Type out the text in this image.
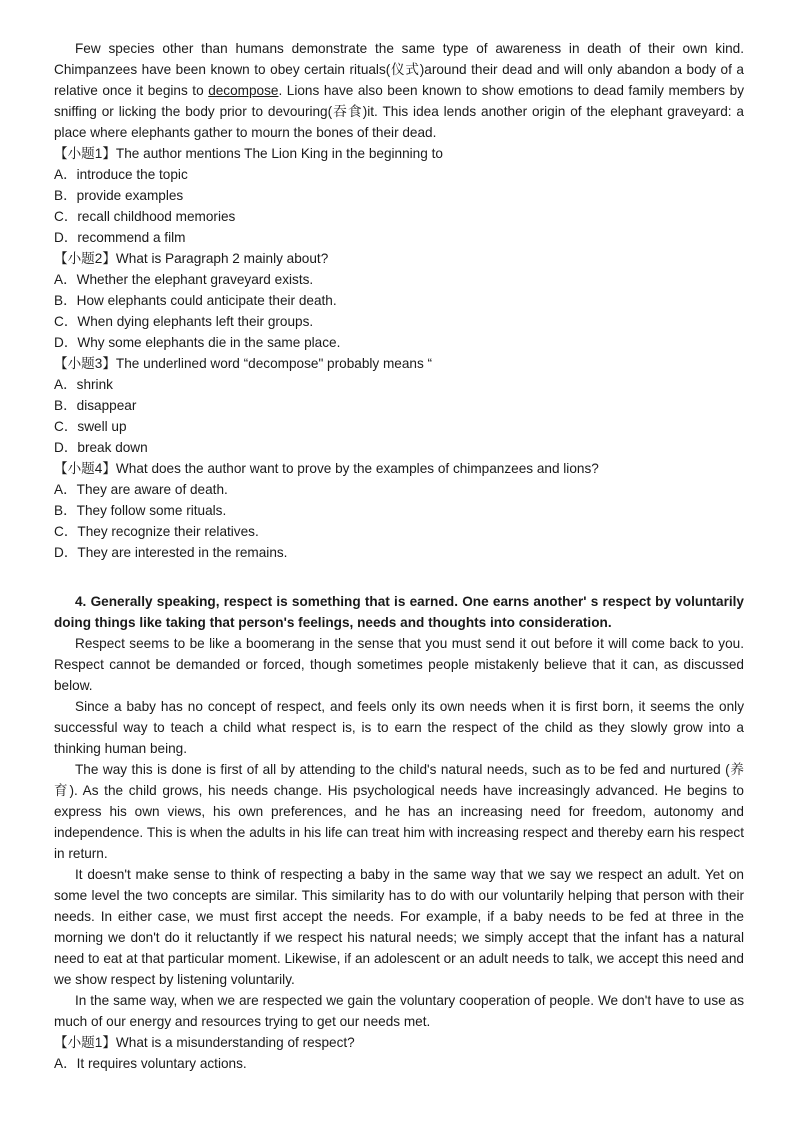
Few species other than humans demonstrate the same type of awareness in death of their own kind. Chimpanzees have been known to obey certain rituals(仪式)around their dead and will only abandon a body of a relative once it begins to decompose. Lions have also been known to show emotions to dead family members by sniffing or licking the body prior to devouring(吞食)it. This idea lends another origin of the elephant graveyard: a place where elephants gather to mourn the bones of their dead.

【小题1】The author mentions The Lion King in the beginning to

A．introduce the topic

B．provide examples

C．recall childhood memories

D．recommend a film

【小题2】What is Paragraph 2 mainly about?

A．Whether the elephant graveyard exists.

B．How elephants could anticipate their death.

C．When dying elephants left their groups.

D．Why some elephants die in the same place.

【小题3】The underlined word “decompose" probably means “

A．shrink

B．disappear

C．swell up

D．break down

【小题4】What does the author want to prove by the examples of chimpanzees and lions?

A．They are aware of death.

B．They follow some rituals.

C．They recognize their relatives.

D．They are interested in the remains.

4. Generally speaking, respect is something that is earned. One earns another' s respect by voluntarily doing things like taking that person's feelings, needs and thoughts into consideration.

Respect seems to be like a boomerang in the sense that you must send it out before it will come back to you. Respect cannot be demanded or forced, though sometimes people mistakenly believe that it can, as discussed below.

Since a baby has no concept of respect, and feels only its own needs when it is first born, it seems the only successful way to teach a child what respect is, is to earn the respect of the child as they slowly grow into a thinking human being.

The way this is done is first of all by attending to the child's natural needs, such as to be fed and nurtured (养育). As the child grows, his needs change. His psychological needs have increasingly advanced. He begins to express his own views, his own preferences, and he has an increasing need for freedom, autonomy and independence. This is when the adults in his life can treat him with increasing respect and thereby earn his respect in return.

It doesn't make sense to think of respecting a baby in the same way that we say we respect an adult. Yet on some level the two concepts are similar. This similarity has to do with our voluntarily helping that person with their needs. In either case, we must first accept the needs. For example, if a baby needs to be fed at three in the morning we don't do it reluctantly if we respect his natural needs; we simply accept that the infant has a natural need to eat at that particular moment. Likewise, if an adolescent or an adult needs to talk, we accept this need and we show respect by listening voluntarily.

In the same way, when we are respected we gain the voluntary cooperation of people. We don't have to use as much of our energy and resources trying to get our needs met.

【小题1】What is a misunderstanding of respect?

A．It requires voluntary actions.
